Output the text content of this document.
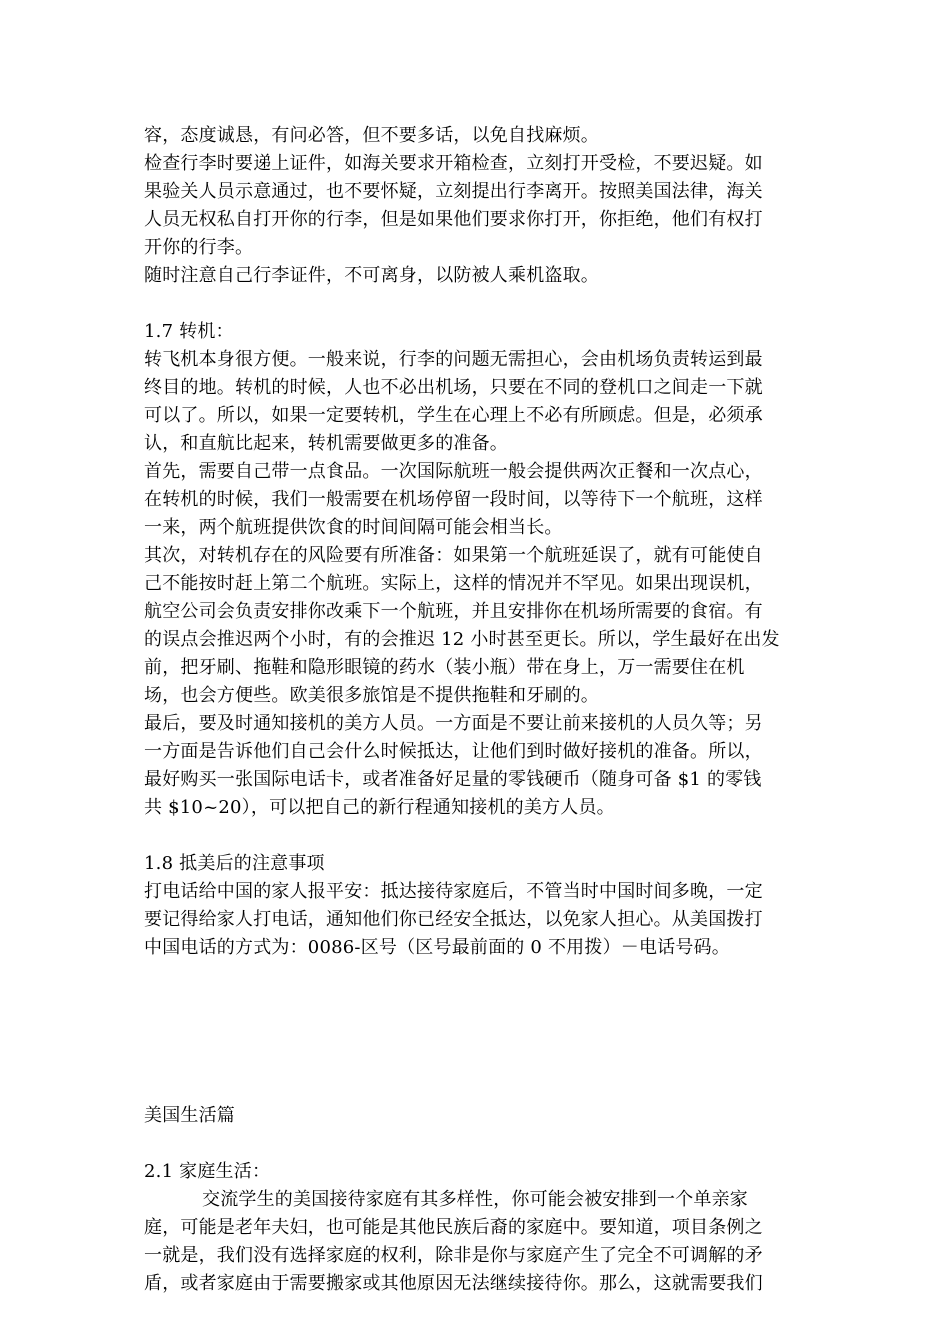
容，态度诚恳，有问必答，但不要多话，以免自找麻烦。
检查行李时要递上证件，如海关要求开箱检查，立刻打开受检，不要迟疑。如
果验关人员示意通过，也不要怀疑，立刻提出行李离开。按照美国法律，海关
人员无权私自打开你的行李，但是如果他们要求你打开，你拒绝，他们有权打
开你的行李。
随时注意自己行李证件，不可离身，以防被人乘机盗取。
1.7 转机：
转飞机本身很方便。一般来说，行李的问题无需担心，会由机场负责转运到最
终目的地。转机的时候，人也不必出机场，只要在不同的登机口之间走一下就
可以了。所以，如果一定要转机，学生在心理上不必有所顾虑。但是，必须承
认，和直航比起来，转机需要做更多的准备。
首先，需要自己带一点食品。一次国际航班一般会提供两次正餐和一次点心，
在转机的时候，我们一般需要在机场停留一段时间，以等待下一个航班，这样
一来，两个航班提供饮食的时间间隔可能会相当长。
其次，对转机存在的风险要有所准备：如果第一个航班延误了，就有可能使自
己不能按时赶上第二个航班。实际上，这样的情况并不罕见。如果出现误机，
航空公司会负责安排你改乘下一个航班，并且安排你在机场所需要的食宿。有
的误点会推迟两个小时，有的会推迟 12 小时甚至更长。所以，学生最好在出发
前，把牙刷、拖鞋和隐形眼镜的药水（装小瓶）带在身上，万一需要住在机
场，也会方便些。欧美很多旅馆是不提供拖鞋和牙刷的。
最后，要及时通知接机的美方人员。一方面是不要让前来接机的人员久等；另
一方面是告诉他们自己会什么时候抵达，让他们到时做好接机的准备。所以，
最好购买一张国际电话卡，或者准备好足量的零钱硬币（随身可备 $1 的零钱
共 $10~20），可以把自己的新行程通知接机的美方人员。
1.8 抵美后的注意事项
打电话给中国的家人报平安：抵达接待家庭后，不管当时中国时间多晚，一定
要记得给家人打电话，通知他们你已经安全抵达，以免家人担心。从美国拨打
中国电话的方式为：0086-区号（区号最前面的 0 不用拨）－电话号码。
美国生活篇
2.1 家庭生活：
交流学生的美国接待家庭有其多样性，你可能会被安排到一个单亲家
庭，可能是老年夫妇，也可能是其他民族后裔的家庭中。要知道，项目条例之
一就是，我们没有选择家庭的权利，除非是你与家庭产生了完全不可调解的矛
盾，或者家庭由于需要搬家或其他原因无法继续接待你。那么，这就需要我们
